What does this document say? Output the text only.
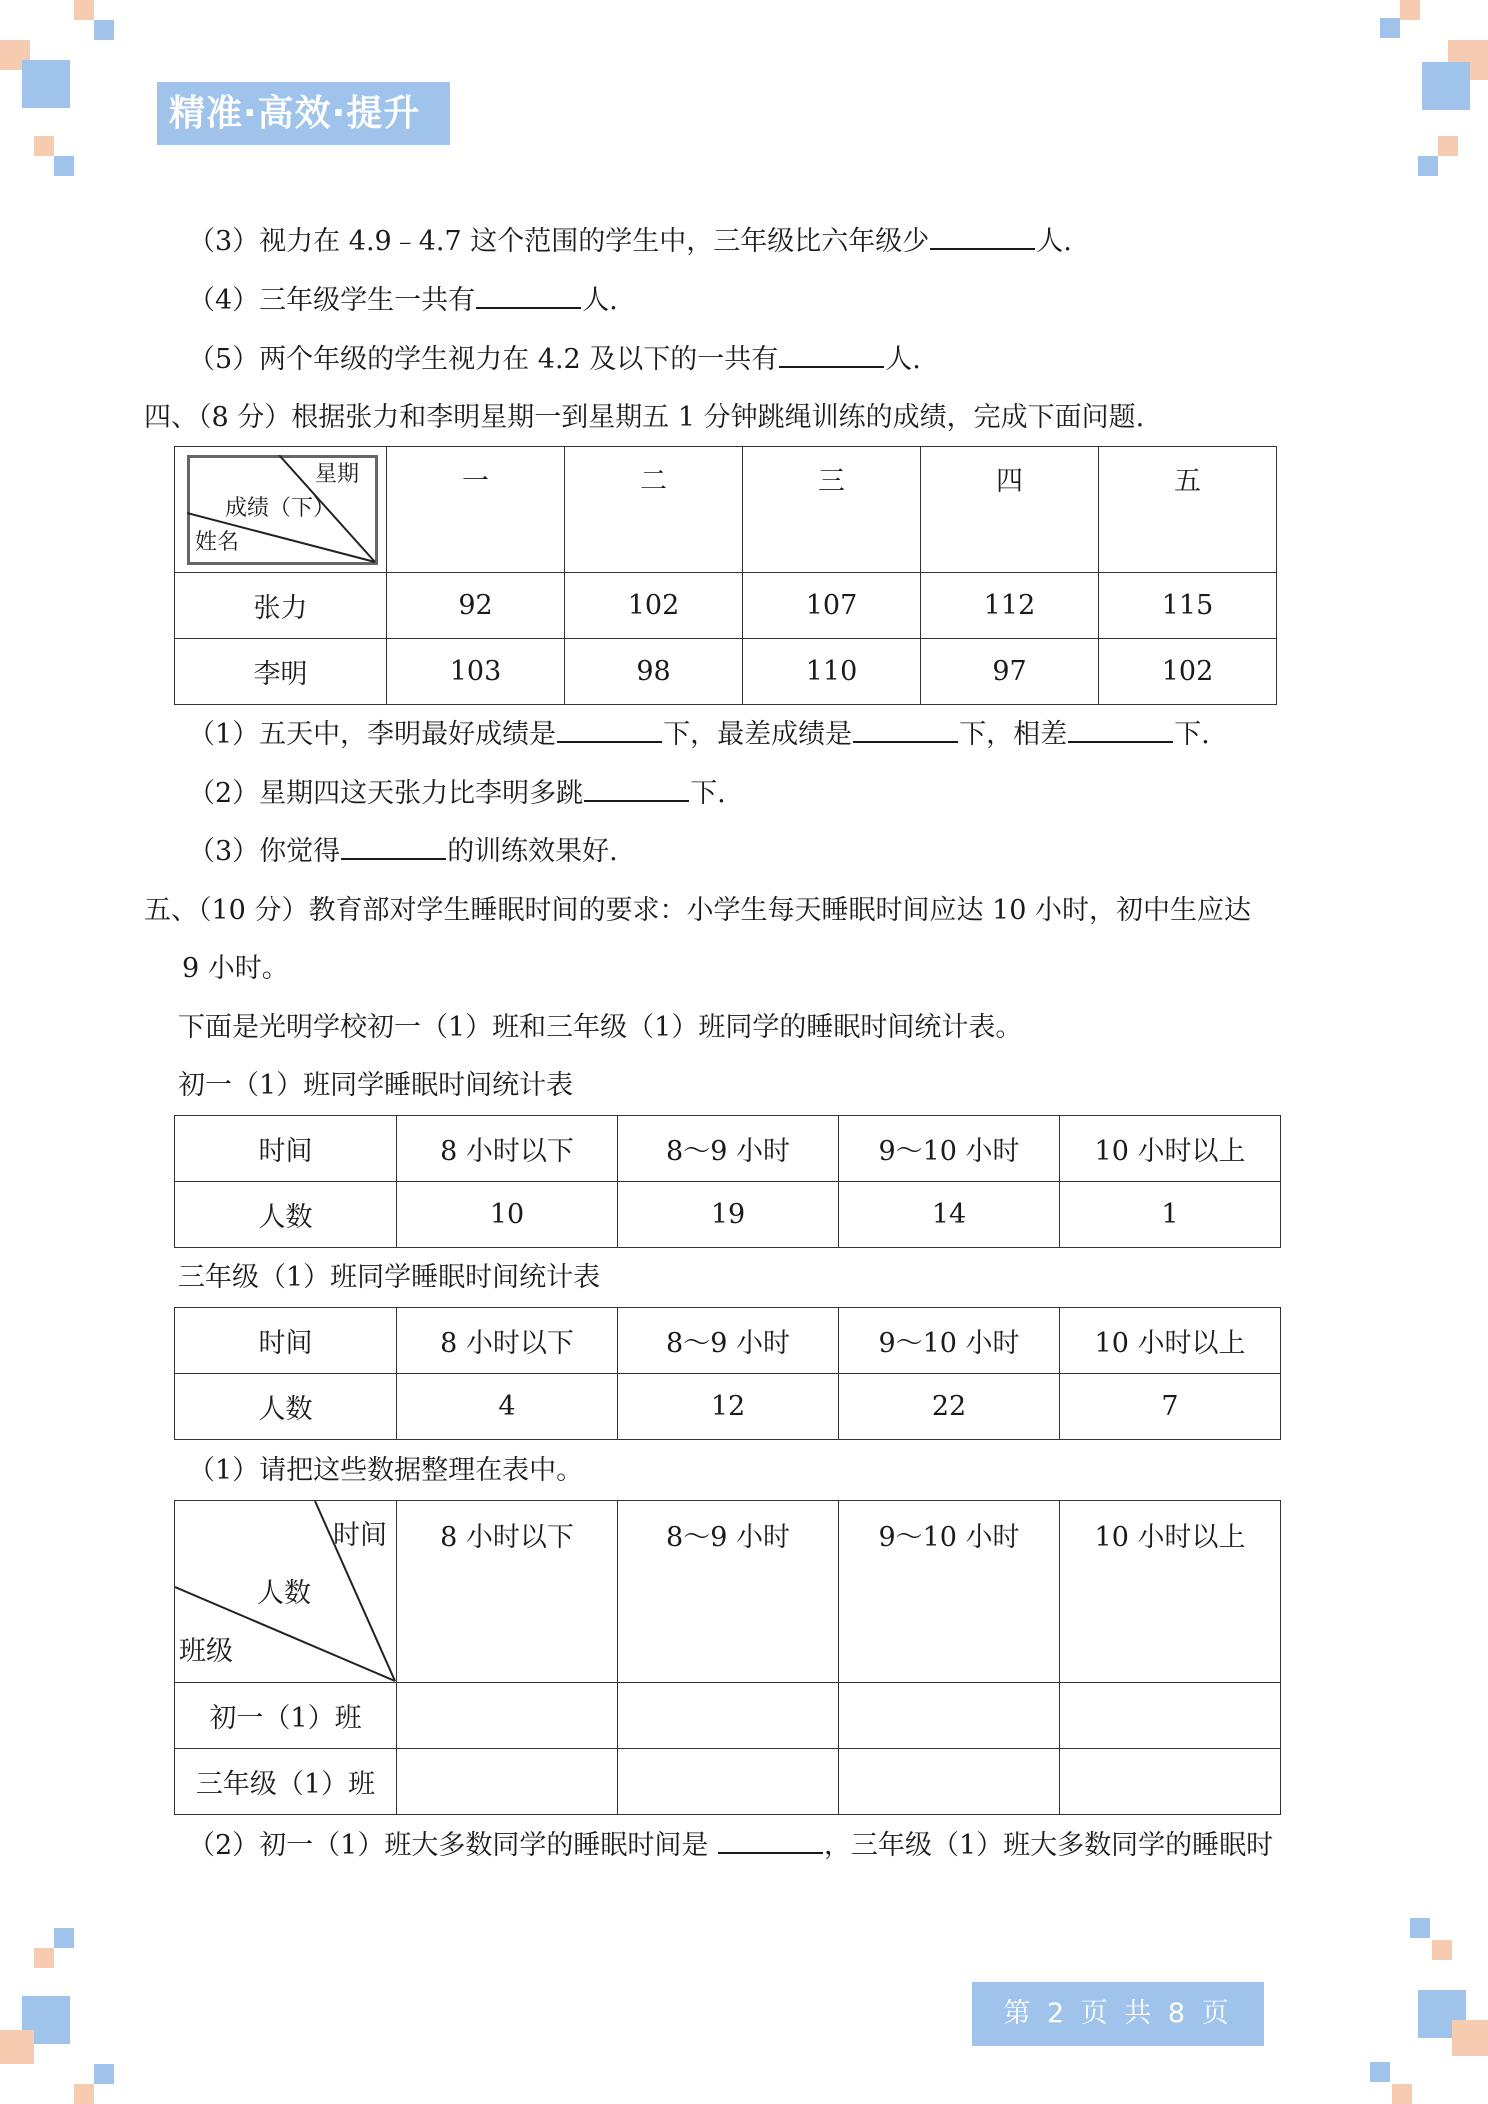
精准·高效·提升
（3）视力在 4.9﹣4.7 这个范围的学生中，三年级比六年级少	人.
（4）三年级学生一共有	人.
（5）两个年级的学生视力在 4.2 及以下的一共有	人.
四、（8 分）根据张力和李明星期一到星期五 1 分钟跳绳训练的成绩，完成下面问题.
星期
成绩（下）
姓名	一	二	三	四	五
张力	92	102	107	112	115
李明	103	98	110	97	102
（1）五天中，李明最好成绩是	下，最差成绩是	下，相差	下.
（2）星期四这天张力比李明多跳	下.
（3）你觉得	的训练效果好.
五、（10 分）教育部对学生睡眠时间的要求：小学生每天睡眠时间应达 10 小时，初中生应达
9 小时。
下面是光明学校初一（1）班和三年级（1）班同学的睡眠时间统计表。
初一（1）班同学睡眠时间统计表
时间	8 小时以下	8～9 小时	9～10 小时	10 小时以上
人数	10	19	14	1
三年级（1）班同学睡眠时间统计表
时间	8 小时以下	8～9 小时	9～10 小时	10 小时以上
人数	4	12	22	7
（1）请把这些数据整理在表中。
时间
人数
班级	8 小时以下	8～9 小时	9～10 小时	10 小时以上
初一（1）班				
三年级（1）班				
（2）初一（1）班大多数同学的睡眠时间是	，三年级（1）班大多数同学的睡眠时
第 2 页 共 8 页
